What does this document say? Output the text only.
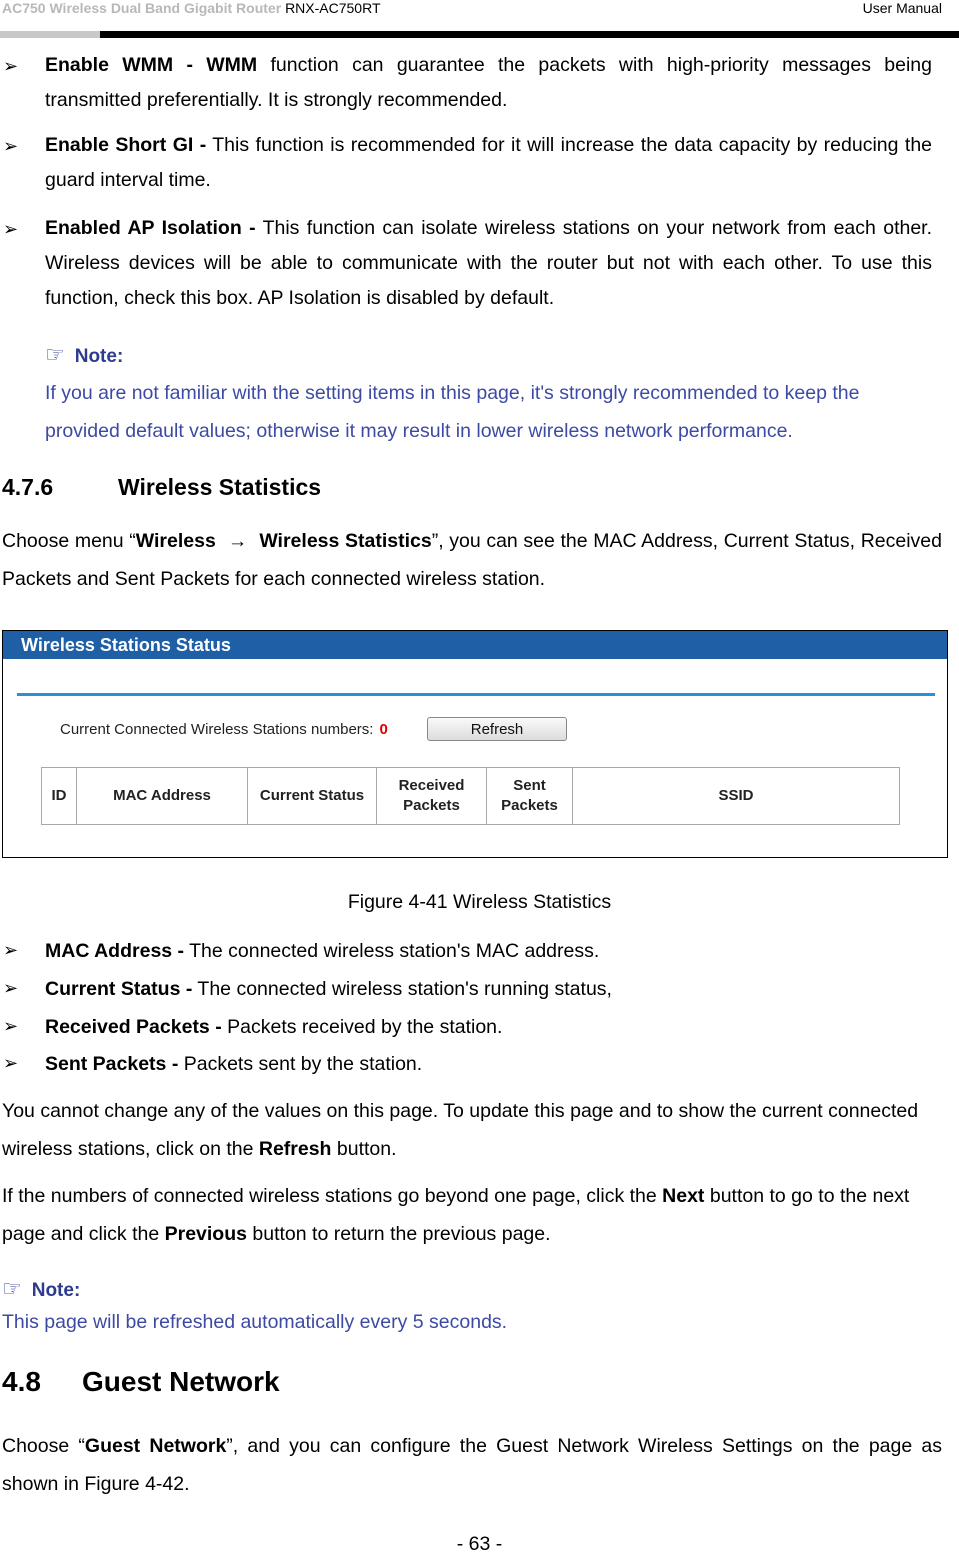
AC750 Wireless Dual Band Gigabit Router RNX-AC750RT	User Manual
➢ Enable WMM - WMM function can guarantee the packets with high-priority messages being transmitted preferentially. It is strongly recommended.
➢ Enable Short GI - This function is recommended for it will increase the data capacity by reducing the guard interval time.
➢ Enabled AP Isolation - This function can isolate wireless stations on your network from each other. Wireless devices will be able to communicate with the router but not with each other. To use this function, check this box. AP Isolation is disabled by default.
☞ Note:
If you are not familiar with the setting items in this page, it's strongly recommended to keep the provided default values; otherwise it may result in lower wireless network performance.
4.7.6	Wireless Statistics
Choose menu “Wireless → Wireless Statistics”, you can see the MAC Address, Current Status, Received Packets and Sent Packets for each connected wireless station.
Wireless Stations Status
Current Connected Wireless Stations numbers: 0	Refresh
ID	MAC Address	Current Status	Received Packets	Sent Packets	SSID
Figure 4-41 Wireless Statistics
➢ MAC Address - The connected wireless station's MAC address.
➢ Current Status - The connected wireless station's running status,
➢ Received Packets - Packets received by the station.
➢ Sent Packets - Packets sent by the station.
You cannot change any of the values on this page. To update this page and to show the current connected wireless stations, click on the Refresh button.
If the numbers of connected wireless stations go beyond one page, click the Next button to go to the next page and click the Previous button to return the previous page.
☞ Note:
This page will be refreshed automatically every 5 seconds.
4.8 Guest Network
Choose “Guest Network”, and you can configure the Guest Network Wireless Settings on the page as shown in Figure 4-42.
- 63 -
